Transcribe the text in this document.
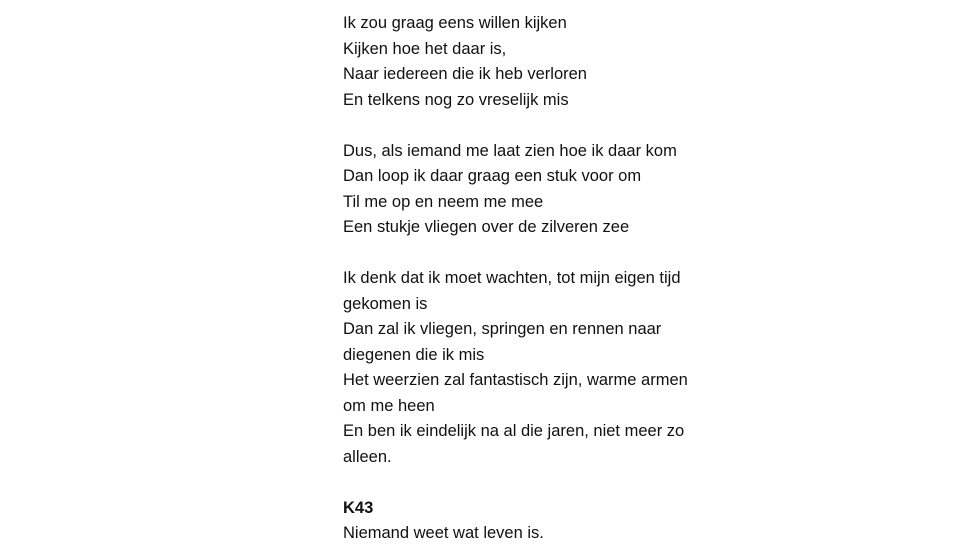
Ik zou graag eens willen kijken
Kijken hoe het daar is,
Naar iedereen die ik heb verloren
En telkens nog zo vreselijk mis
Dus, als iemand me laat zien hoe ik daar kom
Dan loop ik daar graag een stuk voor om
Til me op en neem me mee
Een stukje vliegen over de zilveren zee
Ik denk dat ik moet wachten, tot mijn eigen tijd
gekomen is
Dan zal ik vliegen, springen en rennen naar
diegenen die ik mis
Het weerzien zal fantastisch zijn, warme armen
om me heen
En ben ik eindelijk na al die jaren, niet meer zo
alleen.
K43
Niemand weet wat leven is.
